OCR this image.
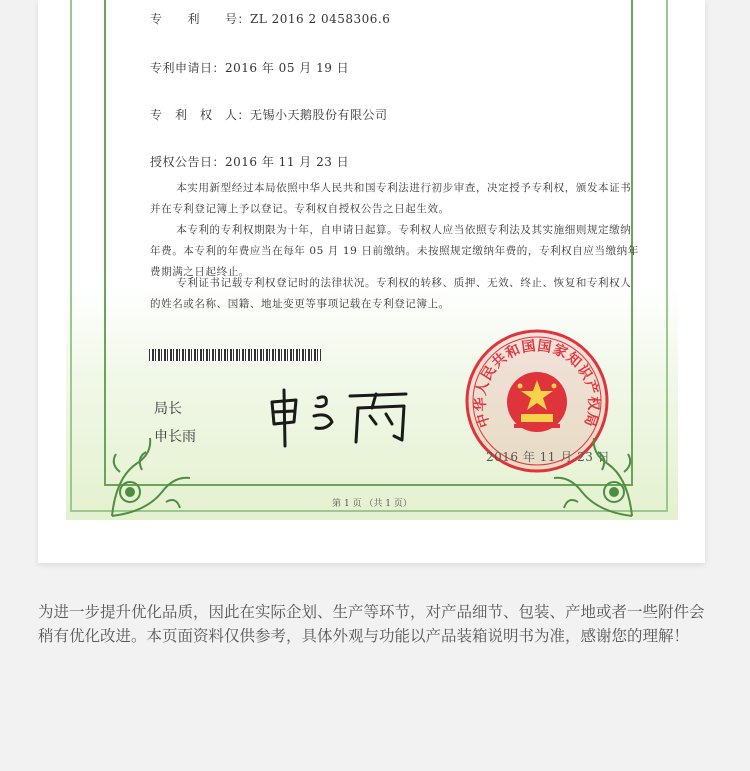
专　　利　　号：ZL 2016 2 0458306.6
专利申请日：2016 年 05 月 19 日
专　利　权　人：无锡小天鹅股份有限公司
授权公告日：2016 年 11 月 23 日
本实用新型经过本局依照中华人民共和国专利法进行初步审查，决定授予专利权，颁发本证书并在专利登记簿上予以登记。专利权自授权公告之日起生效。
本专利的专利权期限为十年，自申请日起算。专利权人应当依照专利法及其实施细则规定缴纳年费。本专利的年费应当在每年 05 月 19 日前缴纳。未按照规定缴纳年费的，专利权自应当缴纳年费期满之日起终止。
专利证书记载专利权登记时的法律状况。专利权的转移、质押、无效、终止、恢复和专利权人的姓名或名称、国籍、地址变更等事项记载在专利登记簿上。
局长
申长雨
中华人民共和国国家知识产权局
2016 年 11 月 23 日
第 1 页 （共 1 页）
为进一步提升优化品质，因此在实际企划、生产等环节，对产品细节、包装、产地或者一些附件会稍有优化改进。本页面资料仅供参考，具体外观与功能以产品装箱说明书为准，感谢您的理解！
